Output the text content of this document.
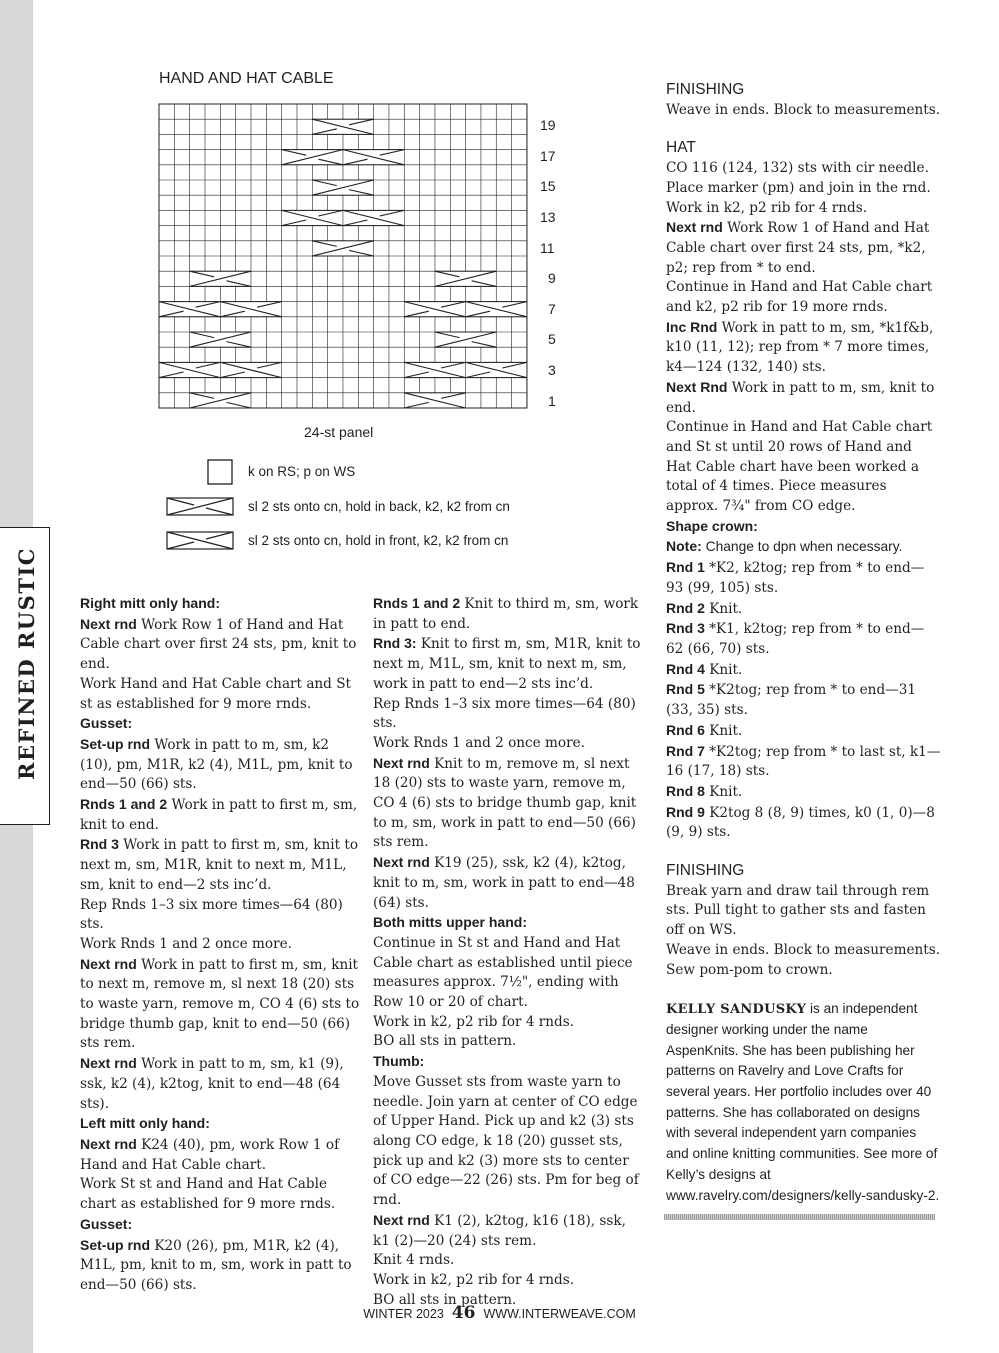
REFINED RUSTIC
HAND AND HAT CABLE
19
17
15
13
11
9
7
5
3
1
24-st panel
k on RS; p on WS
sl 2 sts onto cn, hold in back, k2, k2 from cn
sl 2 sts onto cn, hold in front, k2, k2 from cn

Right mitt only hand:

Next rnd Work Row 1 of Hand and Hat Cable chart over first 24 sts, pm, knit to end.

Work Hand and Hat Cable chart and St st as established for 9 more rnds.

Gusset:

Set-up rnd Work in patt to m, sm, k2 (10), pm, M1R, k2 (4), M1L, pm, knit to end—50 (66) sts.

Rnds 1 and 2 Work in patt to first m, sm, knit to end.

Rnd 3 Work in patt to first m, sm, knit to next m, sm, M1R, knit to next m, M1L, sm, knit to end—2 sts inc’d.

Rep Rnds 1–3 six more times—64 (80) sts.

Work Rnds 1 and 2 once more.

Next rnd Work in patt to first m, sm, knit to next m, remove m, sl next 18 (20) sts to waste yarn, remove m, CO 4 (6) sts to bridge thumb gap, knit to end—50 (66) sts rem.

Next rnd Work in patt to m, sm, k1 (9), ssk, k2 (4), k2tog, knit to end—48 (64 sts).

Left mitt only hand:

Next rnd K24 (40), pm, work Row 1 of Hand and Hat Cable chart.

Work St st and Hand and Hat Cable chart as established for 9 more rnds.

Gusset:

Set-up rnd K20 (26), pm, M1R, k2 (4), M1L, pm, knit to m, sm, work in patt to end—50 (66) sts.

Rnds 1 and 2 Knit to third m, sm, work in patt to end.

Rnd 3: Knit to first m, sm, M1R, knit to next m, M1L, sm, knit to next m, sm, work in patt to end—2 sts inc’d.

Rep Rnds 1–3 six more times—64 (80) sts.

Work Rnds 1 and 2 once more.

Next rnd Knit to m, remove m, sl next 18 (20) sts to waste yarn, remove m, CO 4 (6) sts to bridge thumb gap, knit to m, sm, work in patt to end—50 (66) sts rem.

Next rnd K19 (25), ssk, k2 (4), k2tog, knit to m, sm, work in patt to end—48 (64) sts.

Both mitts upper hand:

Continue in St st and Hand and Hat Cable chart as established until piece measures approx. 7½", ending with Row 10 or 20 of chart.

Work in k2, p2 rib for 4 rnds.

BO all sts in pattern.

Thumb:

Move Gusset sts from waste yarn to needle. Join yarn at center of CO edge of Upper Hand. Pick up and k2 (3) sts along CO edge, k 18 (20) gusset sts, pick up and k2 (3) more sts to center of CO edge—22 (26) sts. Pm for beg of rnd.

Next rnd K1 (2), k2tog, k16 (18), ssk, k1 (2)—20 (24) sts rem.

Knit 4 rnds.

Work in k2, p2 rib for 4 rnds.

BO all sts in pattern.

FINISHING

Weave in ends. Block to measurements.

HAT

CO 116 (124, 132) sts with cir needle. Place marker (pm) and join in the rnd. Work in k2, p2 rib for 4 rnds.

Next rnd Work Row 1 of Hand and Hat Cable chart over first 24 sts, pm, *k2, p2; rep from * to end.

Continue in Hand and Hat Cable chart and k2, p2 rib for 19 more rnds.

Inc Rnd Work in patt to m, sm, *k1f&b, k10 (11, 12); rep from * 7 more times, k4—124 (132, 140) sts.

Next Rnd Work in patt to m, sm, knit to end.

Continue in Hand and Hat Cable chart and St st until 20 rows of Hand and Hat Cable chart have been worked a total of 4 times. Piece measures approx. 7¾" from CO edge.

Shape crown:

Note: Change to dpn when necessary.

Rnd 1 *K2, k2tog; rep from * to end—93 (99, 105) sts.

Rnd 2 Knit.

Rnd 3 *K1, k2tog; rep from * to end—62 (66, 70) sts.

Rnd 4 Knit.

Rnd 5 *K2tog; rep from * to end—31 (33, 35) sts.

Rnd 6 Knit.

Rnd 7 *K2tog; rep from * to last st, k1—16 (17, 18) sts.

Rnd 8 Knit.

Rnd 9 K2tog 8 (8, 9) times, k0 (1, 0)—8 (9, 9) sts.

FINISHING

Break yarn and draw tail through rem sts. Pull tight to gather sts and fasten off on WS.

Weave in ends. Block to measurements. Sew pom-pom to crown.

KELLY SANDUSKY is an independent designer working under the name AspenKnits. She has been publishing her patterns on Ravelry and Love Crafts for several years. Her portfolio includes over 40 patterns. She has collaborated on designs with several independent yarn companies and online knitting communities. See more of Kelly’s designs at www.ravelry.com/designers/kelly-sandusky-2.

WINTER 2023 46 WWW.INTERWEAVE.COM
